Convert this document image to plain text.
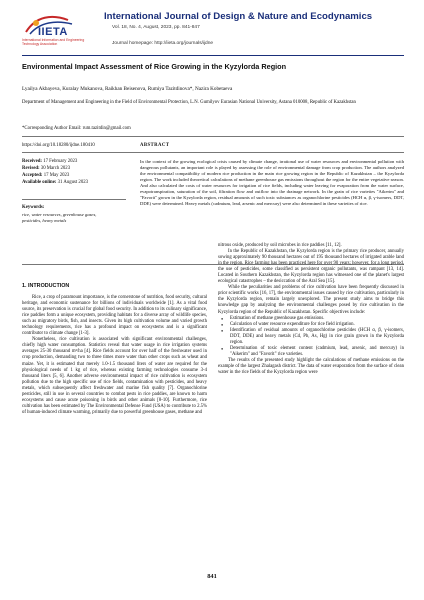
IIETA
International Information and Engineering Technology Association
International Journal of Design & Nature and Ecodynamics
Vol. 18, No. 4, August, 2023, pp. 841-847
Journal homepage: http://iieta.org/journals/ijdne
Environmental Impact Assessment of Rice Growing in the Kyzylorda Region
Lyailya Akbayeva, Kuralay Mukanova, Raikhan Beisenova, Rumiya Tazitdinova*, Nazira Kobetaeva
Department of Management and Engineering in the Field of Environmental Protection, L.N. Gumilyov Eurasian National University, Astana 010008, Republic of Kazakhstan
*Corresponding Author Email: rum.tazitdin@gmail.com
https://doi.org/10.18280/ijdne.180410	ABSTRACT
Received: 17 February 2023
Revised: 30 March 2023
Accepted: 17 May 2023
Available online: 31 August 2023
Keywords:
rice, water resources, greenhouse gases, pesticides, heavy metals
In the context of the growing ecological crisis caused by climate change, irrational use of water resources and environmental pollution with dangerous pollutants, an important role is played by assessing the role of environmental damage from crop production. The authors analyzed the environmental compatibility of modern rice production in the main rice growing region in the Republic of Kazakhstan – the Kyzylorda region. The work included theoretical calculations of methane greenhouse gas emissions throughout the region for the entire vegetative season. And also calculated the costs of water resources for irrigation of rice fields, including water leaving for evaporation from the water surface, evapotranspiration, saturation of the soil, filtration flow and outflow into the drainage network. In the grain of rice varieties "Aikerim" and "Favorit" grown in the Kyzylorda region, residual amounts of such toxic substances as organochlorine pesticides (HCH α, β, γ-isomers, DDT, DDE) were determined. Heavy metals (cadmium, lead, arsenic and mercury) were also determined in these varieties of rice.
1. INTRODUCTION

Rice, a crop of paramount importance, is the cornerstone of nutrition, food security, cultural heritage, and economic sustenance for billions of individuals worldwide [1]. As a vital food source, its preservation is crucial for global food security. In addition to its culinary significance, rice paddies form a unique ecosystem, providing habitats for a diverse array of wildlife species, such as migratory birds, fish, and insects. Given its high cultivation volume and varied growth technology requirements, rice has a profound impact on ecosystems and is a significant contributor to climate change [1-3].

Nonetheless, rice cultivation is associated with significant environmental challenges, chiefly high water consumption. Statistics reveal that water usage in rice irrigation systems averages 25-30 thousand m³/ha [4]. Rice fields account for over half of the freshwater used in crop production, demanding two to three times more water than other crops such as wheat and maize. Yet, it is estimated that merely 1.0-1.5 thousand liters of water are required for the physiological needs of 1 kg of rice, whereas existing farming technologies consume 3-4 thousand liters [5, 6]. Another adverse environmental impact of rice cultivation is ecosystem pollution due to the high specific use of rice fields, contamination with pesticides, and heavy metals, which subsequently affect freshwater and marine fish quality [7]. Organochlorine pesticides, still in use in several countries to combat pests in rice paddies, are known to harm ecosystems and cause acute poisoning in birds and other animals [8-10]. Furthermore, rice cultivation has been estimated by The Environmental Defense Fund (USA) to contribute to 2.5% of human-induced climate warming, primarily due to powerful greenhouse gases, methane and

nitrous oxide, produced by soil microbes in rice paddies [11, 12].

In the Republic of Kazakhstan, the Kyzylorda region is the primary rice producer, annually sowing approximately 90 thousand hectares out of 195 thousand hectares of irrigated arable land in the region. Rice farming has been practiced here for over 90 years; however, for a long period, the use of pesticides, some classified as persistent organic pollutants, was rampant [13, 14]. Located in Southern Kazakhstan, the Kyzylorda region has witnessed one of the planet's largest ecological catastrophes – the desiccation of the Aral Sea [15].

While the peculiarities and problems of rice cultivation have been frequently discussed in prior scientific works [16, 17], the environmental issues caused by rice cultivation, particularly in the Kyzylorda region, remain largely unexplored. The present study aims to bridge this knowledge gap by analyzing the environmental challenges posed by rice cultivation in the Kyzylorda region of the Republic of Kazakhstan. Specific objectives include:

● Estimation of methane greenhouse gas emissions.
● Calculation of water resource expenditure for rice field irrigation.
● Identification of residual amounts of organochlorine pesticides (HCH α, β, γ-isomers, DDT, DDE) and heavy metals (Cd, Pb, As, Hg) in rice grain grown in the Kyzylorda region.
● Determination of toxic element content (cadmium, lead, arsenic, and mercury) in "Aikerim" and "Favorit" rice varieties.

The results of the presented study highlight the calculations of methane emissions on the example of the largest Zhalagash district. The data of water evaporation from the surface of clean water in the rice fields of the Kyzylorda region were

841
